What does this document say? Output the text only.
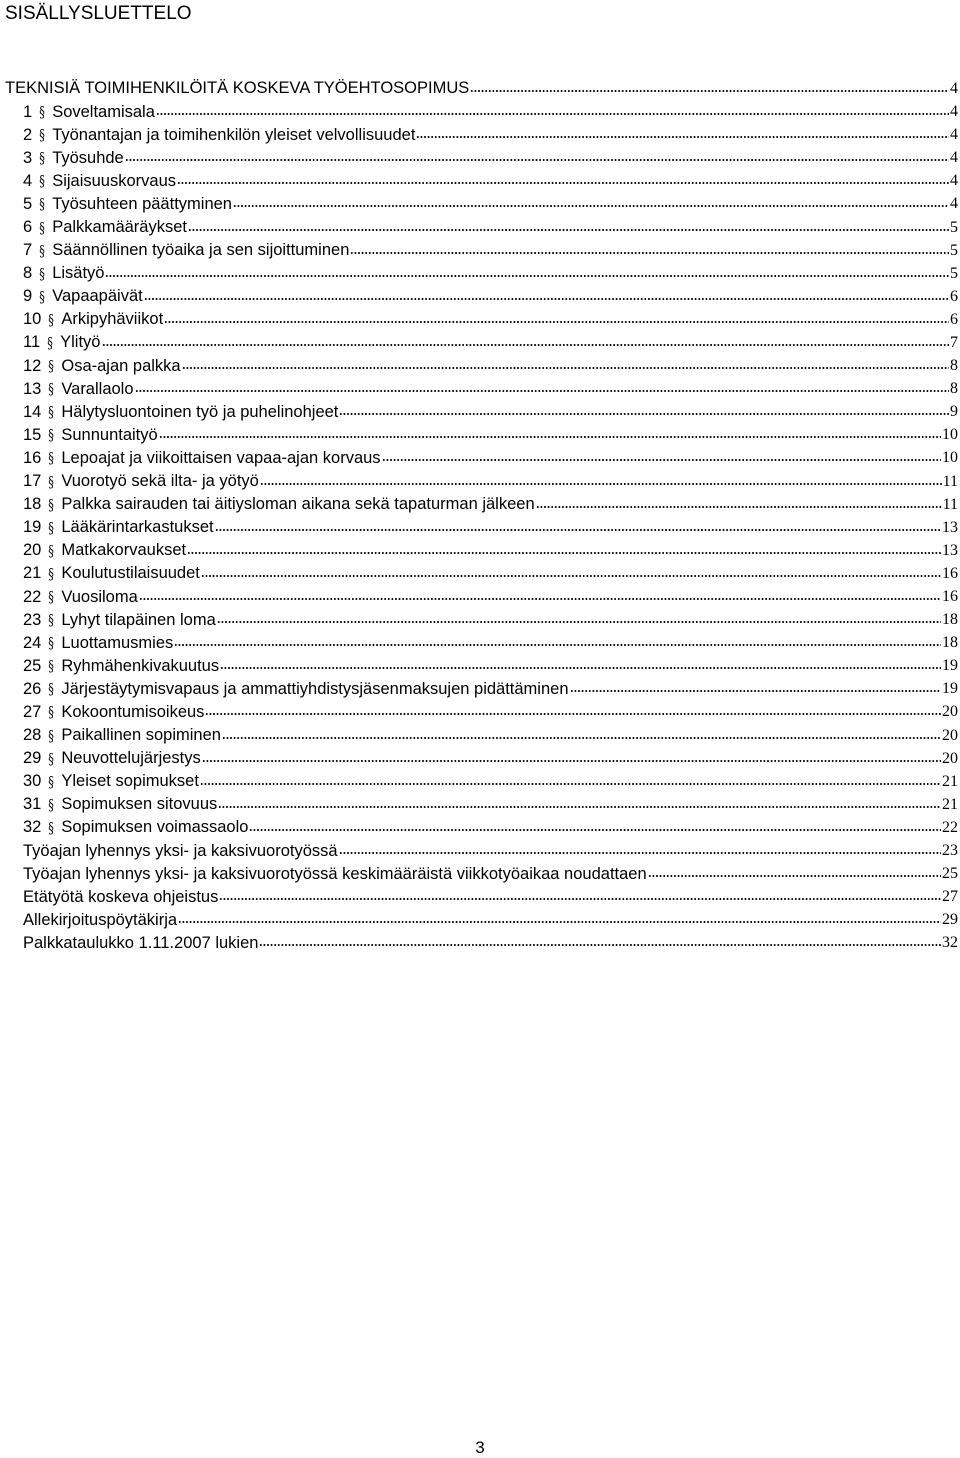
SISÄLLYSLUETTELO
TEKNISIÄ TOIMIHENKILÖITÄ KOSKEVA TYÖEHTOSOPIMUS	4
1 § Soveltamisala	4
2 § Työnantajan ja toimihenkilön yleiset velvollisuudet	4
3 § Työsuhde	4
4 § Sijaisuuskorvaus	4
5 § Työsuhteen päättyminen	4
6 § Palkkamääräykset	5
7 § Säännöllinen työaika ja sen sijoittuminen	5
8 § Lisätyö	5
9 § Vapaapäivät	6
10 § Arkipyhäviikot	6
11 § Ylityö	7
12 § Osa-ajan palkka	8
13 § Varallaolo	8
14 § Hälytysluontoinen työ ja puhelinohjeet	9
15 § Sunnuntaityö	10
16 § Lepoajat ja viikoittaisen vapaa-ajan korvaus	10
17 § Vuorotyö sekä ilta- ja yötyö	11
18 § Palkka sairauden tai äitiysloman aikana sekä tapaturman jälkeen	11
19 § Lääkärintarkastukset	13
20 § Matkakorvaukset	13
21 § Koulutustilaisuudet	16
22 § Vuosiloma	16
23 § Lyhyt tilapäinen loma	18
24 § Luottamusmies	18
25 § Ryhmähenkivakuutus	19
26 § Järjestäytymisvapaus ja ammattiyhdistysjäsenmaksujen pidättäminen	19
27 § Kokoontumisoikeus	20
28 § Paikallinen sopiminen	20
29 § Neuvottelujärjestys	20
30 § Yleiset sopimukset	21
31 § Sopimuksen sitovuus	21
32 § Sopimuksen voimassaolo	22
Työajan lyhennys yksi- ja kaksivuorotyössä	23
Työajan lyhennys yksi- ja kaksivuorotyössä keskimääräistä viikkotyöaikaa noudattaen	25
Etätyötä koskeva ohjeistus	27
Allekirjoituspöytäkirja	29
Palkkataulukko 1.11.2007 lukien	32
3
